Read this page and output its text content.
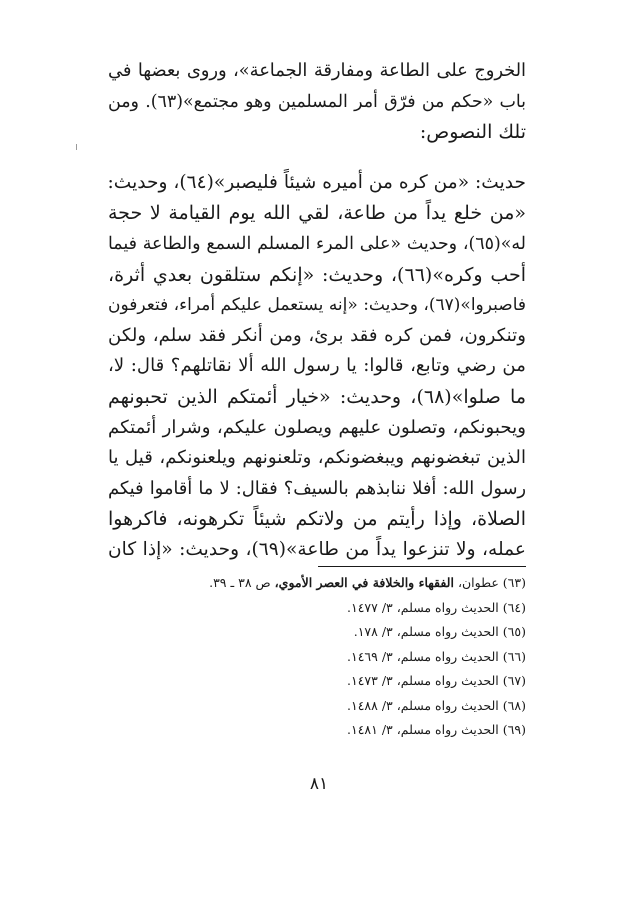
الخروج على الطاعة ومفارقة الجماعة»، وروى بعضها في
باب «حكم من فرّق أمر المسلمين وهو مجتمع»(٦٣). ومن
تلك النصوص:
حديث: «من كره من أميره شيئاً فليصبر»(٦٤)، وحديث:
«من خلع يداً من طاعة، لقي الله يوم القيامة لا حجة
له»(٦٥)، وحديث «على المرء المسلم السمع والطاعة فيما
أحب وكره»(٦٦)، وحديث: «إنكم ستلقون بعدي أثرة،
فاصبروا»(٦٧)، وحديث: «إنه يستعمل عليكم أمراء، فتعرفون
وتنكرون، فمن كره فقد برئ، ومن أنكر فقد سلم، ولكن
من رضي وتابع، قالوا: يا رسول الله ألا نقاتلهم؟ قال: لا،
ما صلوا»(٦٨)، وحديث: «خيار أئمتكم الذين تحبونهم
ويحبونكم، وتصلون عليهم ويصلون عليكم، وشرار أئمتكم
الذين تبغضونهم ويبغضونكم، وتلعنونهم ويلعنونكم، قيل يا
رسول الله: أفلا ننابذهم بالسيف؟ فقال: لا ما أقاموا فيكم
الصلاة، وإذا رأيتم من ولاتكم شيئاً تكرهونه، فاكرهوا
عمله، ولا تنزعوا يداً من طاعة»(٦٩)، وحديث: «إذا كان
(٦٣) عطوان، الفقهاء والخلافة في العصر الأموي، ص ٣٨ ـ ٣٩.
(٦٤) الحديث رواه مسلم، ٣/ ١٤٧٧.
(٦٥) الحديث رواه مسلم، ٣/ ١٧٨.
(٦٦) الحديث رواه مسلم، ٣/ ١٤٦٩.
(٦٧) الحديث رواه مسلم، ٣/ ١٤٧٣.
(٦٨) الحديث رواه مسلم، ٣/ ١٤٨٨.
(٦٩) الحديث رواه مسلم، ٣/ ١٤٨١.
٨١
